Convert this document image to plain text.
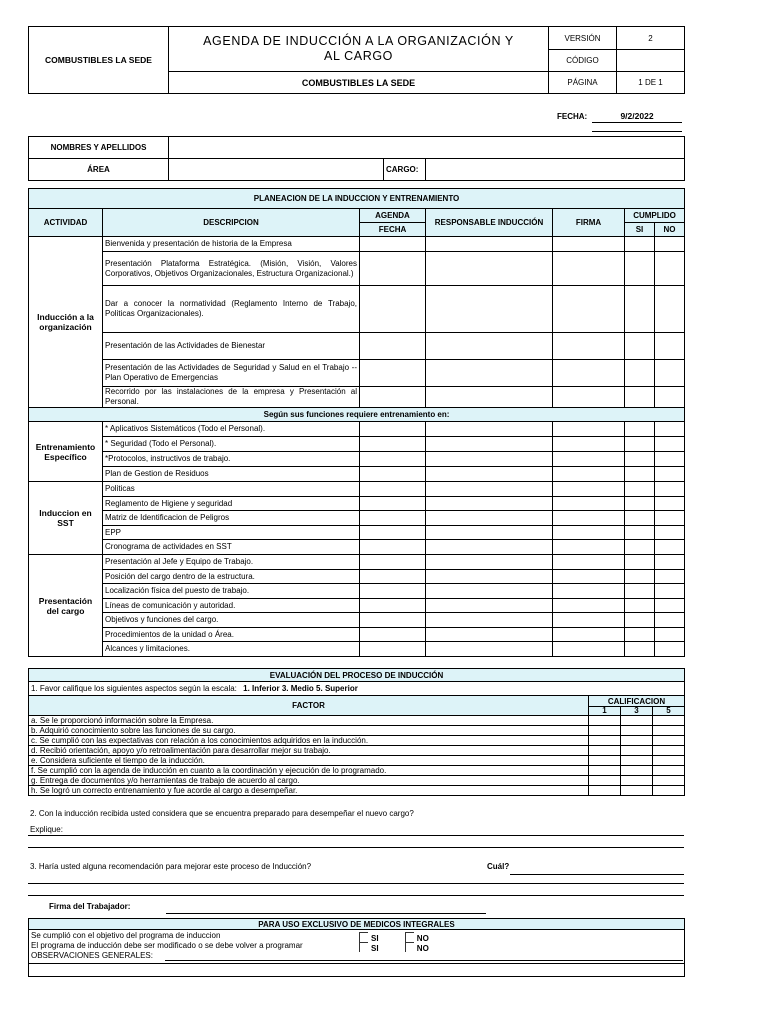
COMBUSTIBLES LA SEDE	AGENDA DE INDUCCIÓN A LA ORGANIZACIÓN Y AL CARGO	VERSIÓN	2
		CÓDIGO	
	COMBUSTIBLES LA SEDE	PÁGINA	1 DE 1
FECHA:	9/2/2022
NOMBRES Y APELLIDOS			
ÁREA		CARGO:	
PLANEACION DE LA INDUCCION Y ENTRENAMIENTO						
ACTIVIDAD	DESCRIPCION	AGENDA	RESPONSABLE INDUCCIÓN	FIRMA	CUMPLIDO	
		FECHA			SI	NO
Inducción a la organización	Bienvenida y presentación de historia de la Empresa					
	Presentación Plataforma Estratégica. (Misión, Visión, Valores Corporativos, Objetivos Organizacionales, Estructura Organizacional.)					
	Dar a conocer la normatividad (Reglamento Interno de Trabajo, Politicas Organizacionales).					
	Presentación de las Actividades de Bienestar					
	Presentación de las Actividades de Seguridad y Salud en el Trabajo -- Plan Operativo de Emergencias					
	Recorrido por las instalaciones de la empresa y Presentación al Personal.					
Según sus funciones requiere entrenamiento en:						
Entrenamiento Específico	* Aplicativos Sistemáticos (Todo el Personal).					
	* Seguridad (Todo el Personal).					
	*Protocolos, instructivos de trabajo.					
	Plan de Gestion de Residuos					
Induccion en SST	Politicas					
	Reglamento de Higiene y seguridad					
	Matriz de Identificacion de Peligros					
	EPP					
	Cronograma de actividades en SST					
Presentación del cargo	Presentación al Jefe y Equipo de Trabajo.					
	Posición del cargo dentro de la estructura.					
	Localización física del puesto de trabajo.					
	Líneas de comunicación y autoridad.					
	Objetivos y funciones del cargo.					
	Procedimientos de la unidad o Área.					
	Alcances y limitaciones.					
EVALUACIÓN DEL PROCESO DE INDUCCIÓN			
1. Favor califique los siguientes aspectos según la escala: 1. Inferior 3. Medio 5. Superior			
FACTOR	CALIFICACION		
	1	3	5
a. Se le proporcionó información sobre la Empresa.			
b. Adquirió conocimiento sobre las funciones de su cargo.			
c. Se cumplió con las expectativas con relación a los conocimientos adquiridos en la inducción.			
d. Recibió orientación, apoyo y/o retroalimentación para desarrollar mejor su trabajo.			
e. Considera suficiente el tiempo de la inducción.			
f. Se cumplió con la agenda de inducción en cuanto a la coordinación y ejecución de lo programado.			
g. Entrega de documentos y/o herramientas de trabajo de acuerdo al cargo.			
h. Se logró un correcto entrenamiento y fue acorde al cargo a desempeñar.			
2. Con la inducción recibida usted considera que se encuentra preparado para desempeñar el nuevo cargo?
Explique:
3. Haría usted alguna recomendación para mejorar este proceso de Inducción?	Cuál?
Firma del Trabajador:
PARA USO EXCLUSIVO DE MEDICOS INTEGRALES

Se cumplió con el objetivo del programa de induccion
El programa de inducción debe ser modificado o se debe volver a programar
OBSERVACIONES GENERALES:
SI	NO
SI	NO
